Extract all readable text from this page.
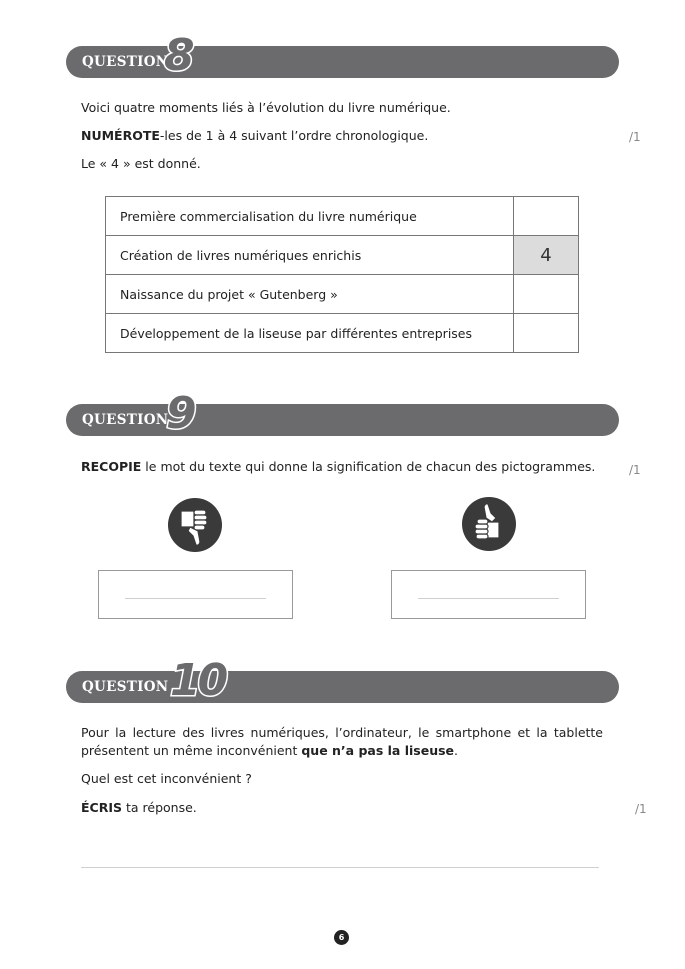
QUESTION
8
Voici quatre moments liés à l’évolution du livre numérique.
NUMÉROTE-les de 1 à 4 suivant l’ordre chronologique.	/1
Le « 4 » est donné.
Première commercialisation du livre numérique	
Création de livres numériques enrichis	4
Naissance du projet « Gutenberg »	
Développement de la liseuse par différentes entreprises	
QUESTION
9
RECOPIE le mot du texte qui donne la signification de chacun des pictogrammes.	/1
QUESTION 10
Pour la lecture des livres numériques, l’ordinateur, le smartphone et la tablette
présentent un même inconvénient que n’a pas la liseuse.
Quel est cet inconvénient ?
ÉCRIS ta réponse.	/1
6
